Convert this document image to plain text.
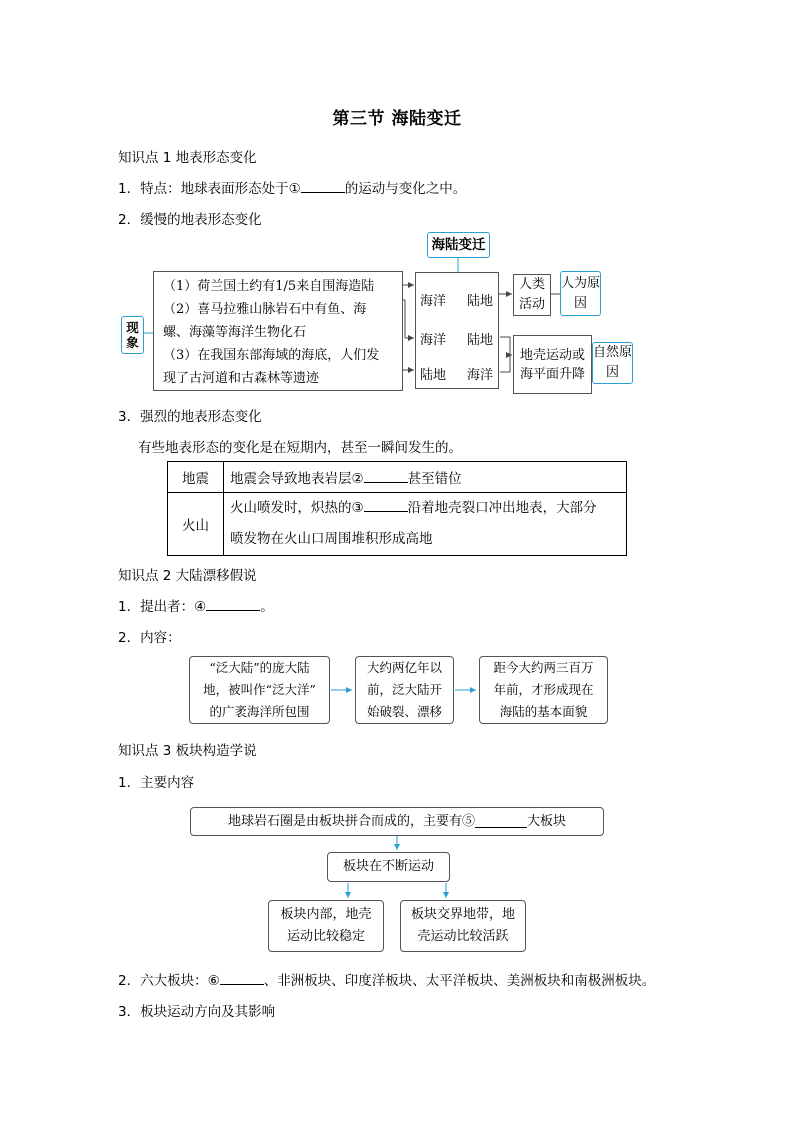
第三节 海陆变迁
知识点 1 地表形态变化
1．特点：地球表面形态处于①	的运动与变化之中。
2．缓慢的地表形态变化
海陆变迁
现象
（1）荷兰国土约有1/5来自围海造陆
（2）喜马拉雅山脉岩石中有鱼、海
螺、海藻等海洋生物化石
（3）在我国东部海域的海底，人们发
现了古河道和古森林等遗迹
海洋 陆地
海洋 陆地
陆地 海洋
人类活动
人为原因
地壳运动或海平面升降
自然原因
3．强烈的地表形态变化
有些地表形态的变化是在短期内，甚至一瞬间发生的。
地震	地震会导致地表岩层② 甚至错位
火山	火山喷发时，炽热的③ 沿着地壳裂口冲出地表，大部分
喷发物在火山口周围堆积形成高地
知识点 2 大陆漂移假说
1．提出者：④	。
2．内容：
“泛大陆”的庞大陆
地，被叫作“泛大洋”
的广袤海洋所包围
大约两亿年以
前，泛大陆开
始破裂、漂移
距今大约两三百万
年前，才形成现在
海陆的基本面貌
知识点 3 板块构造学说
1．主要内容
地球岩石圈是由板块拼合而成的，主要有⑤	大板块
板块在不断运动
板块内部，地壳
运动比较稳定
板块交界地带，地
壳运动比较活跃
2．六大板块：⑥	、非洲板块、印度洋板块、太平洋板块、美洲板块和南极洲板块。
3．板块运动方向及其影响
